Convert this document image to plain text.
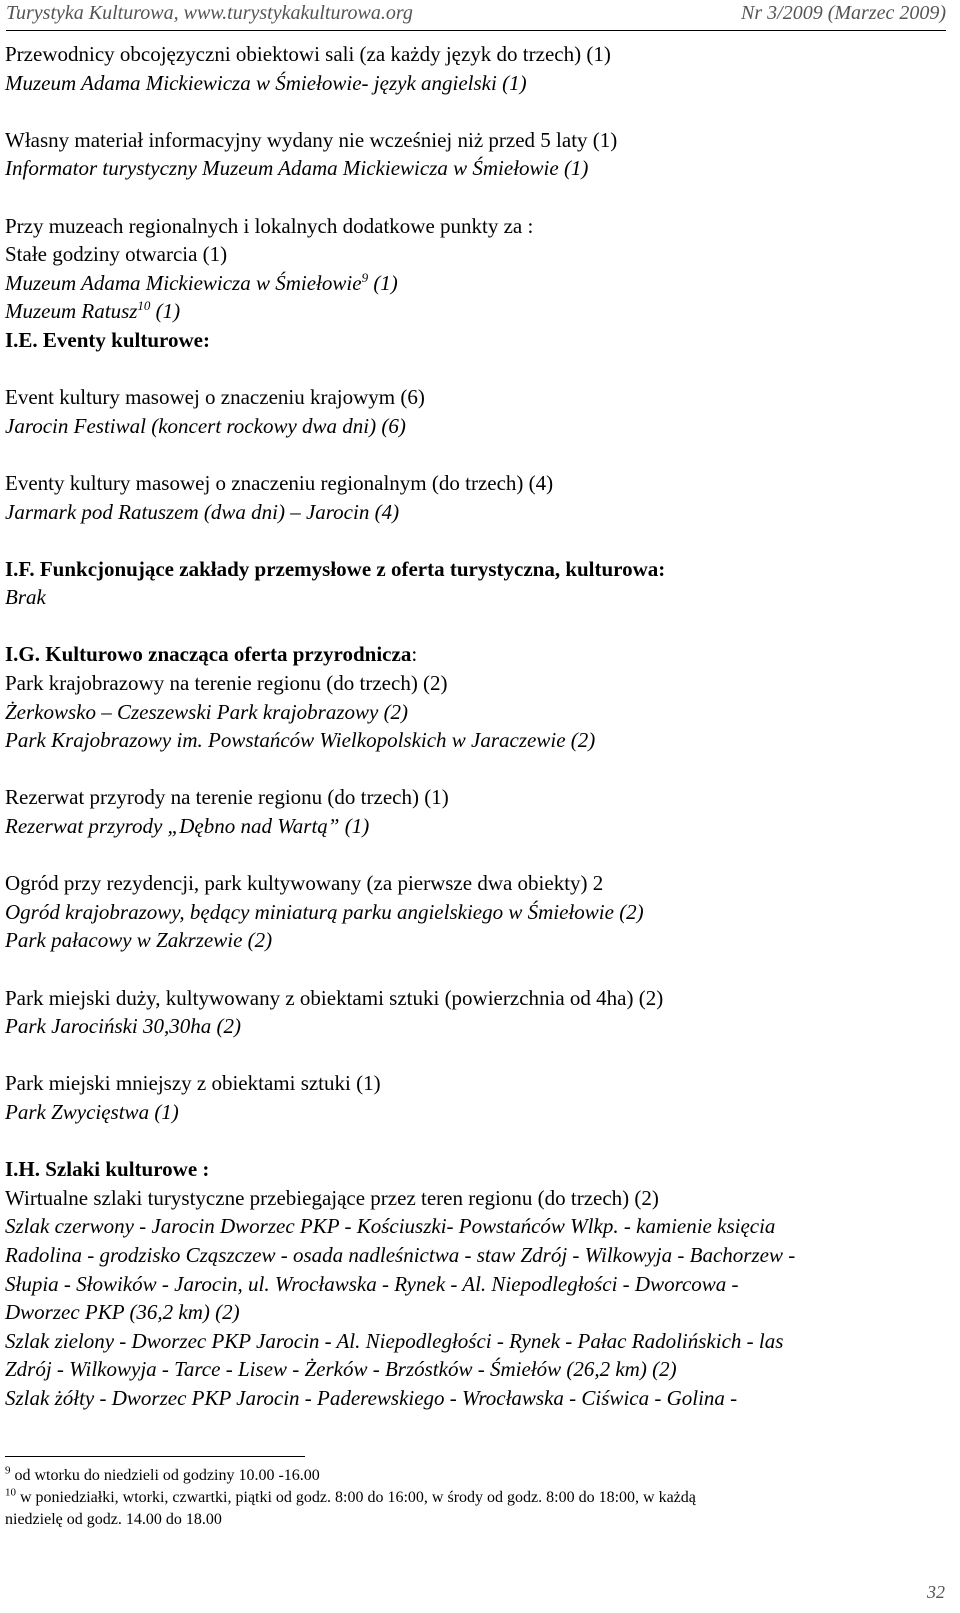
Turystyka Kulturowa, www.turystykakulturowa.org	Nr 3/2009 (Marzec 2009)
Przewodnicy obcojęzyczni obiektowi sali (za każdy język do trzech) (1)
Muzeum Adama Mickiewicza w Śmiełowie- język angielski (1)
Własny materiał informacyjny wydany nie wcześniej niż przed 5 laty (1)
Informator turystyczny Muzeum Adama Mickiewicza w Śmiełowie (1)
Przy muzeach regionalnych i lokalnych dodatkowe punkty za :
Stałe godziny otwarcia (1)
Muzeum Adama Mickiewicza w Śmiełowie$^9$ (1)
Muzeum Ratusz$^{10}$ (1)
I.E. Eventy kulturowe:
Event kultury masowej o znaczeniu krajowym (6)
Jarocin Festiwal (koncert rockowy dwa dni) (6)
Eventy kultury masowej o znaczeniu regionalnym (do trzech) (4)
Jarmark pod Ratuszem (dwa dni) – Jarocin (4)
I.F. Funkcjonujące zakłady przemysłowe z oferta turystyczna, kulturowa:
Brak
I.G. Kulturowo znacząca oferta przyrodnicza:
Park krajobrazowy na terenie regionu (do trzech) (2)
Żerkowsko – Czeszewski Park krajobrazowy (2)
Park Krajobrazowy im. Powstańców Wielkopolskich w Jaraczewie (2)
Rezerwat przyrody na terenie regionu (do trzech) (1)
Rezerwat przyrody „Dębno nad Wartą” (1)
Ogród przy rezydencji, park kultywowany (za pierwsze dwa obiekty) 2
Ogród krajobrazowy, będący miniaturą parku angielskiego w Śmiełowie (2)
Park pałacowy w Zakrzewie (2)
Park miejski duży, kultywowany z obiektami sztuki (powierzchnia od 4ha) (2)
Park Jarociński 30,30ha (2)
Park miejski mniejszy z obiektami sztuki (1)
Park Zwycięstwa (1)
I.H. Szlaki kulturowe :
Wirtualne szlaki turystyczne przebiegające przez teren regionu (do trzech) (2)
Szlak czerwony - Jarocin Dworzec PKP - Kościuszki- Powstańców Wlkp. - kamienie księcia
Radolina - grodzisko Cząszczew - osada nadleśnictwa - staw Zdrój - Wilkowyja - Bachorzew -
Słupia - Słowików - Jarocin, ul. Wrocławska - Rynek - Al. Niepodległości - Dworcowa -
Dworzec PKP (36,2 km) (2)
Szlak zielony - Dworzec PKP Jarocin - Al. Niepodległości - Rynek - Pałac Radolińskich - las
Zdrój - Wilkowyja - Tarce - Lisew - Żerków - Brzóstków - Śmiełów (26,2 km) (2)
Szlak żółty - Dworzec PKP Jarocin - Paderewskiego - Wrocławska - Ciświca - Golina -
$^9$ od wtorku do niedzieli od godziny 10.00 -16.00
$^{10}$ w poniedziałki, wtorki, czwartki, piątki od godz. 8:00 do 16:00, w środy od godz. 8:00 do 18:00, w każdą
niedzielę od godz. 14.00 do 18.00
32
